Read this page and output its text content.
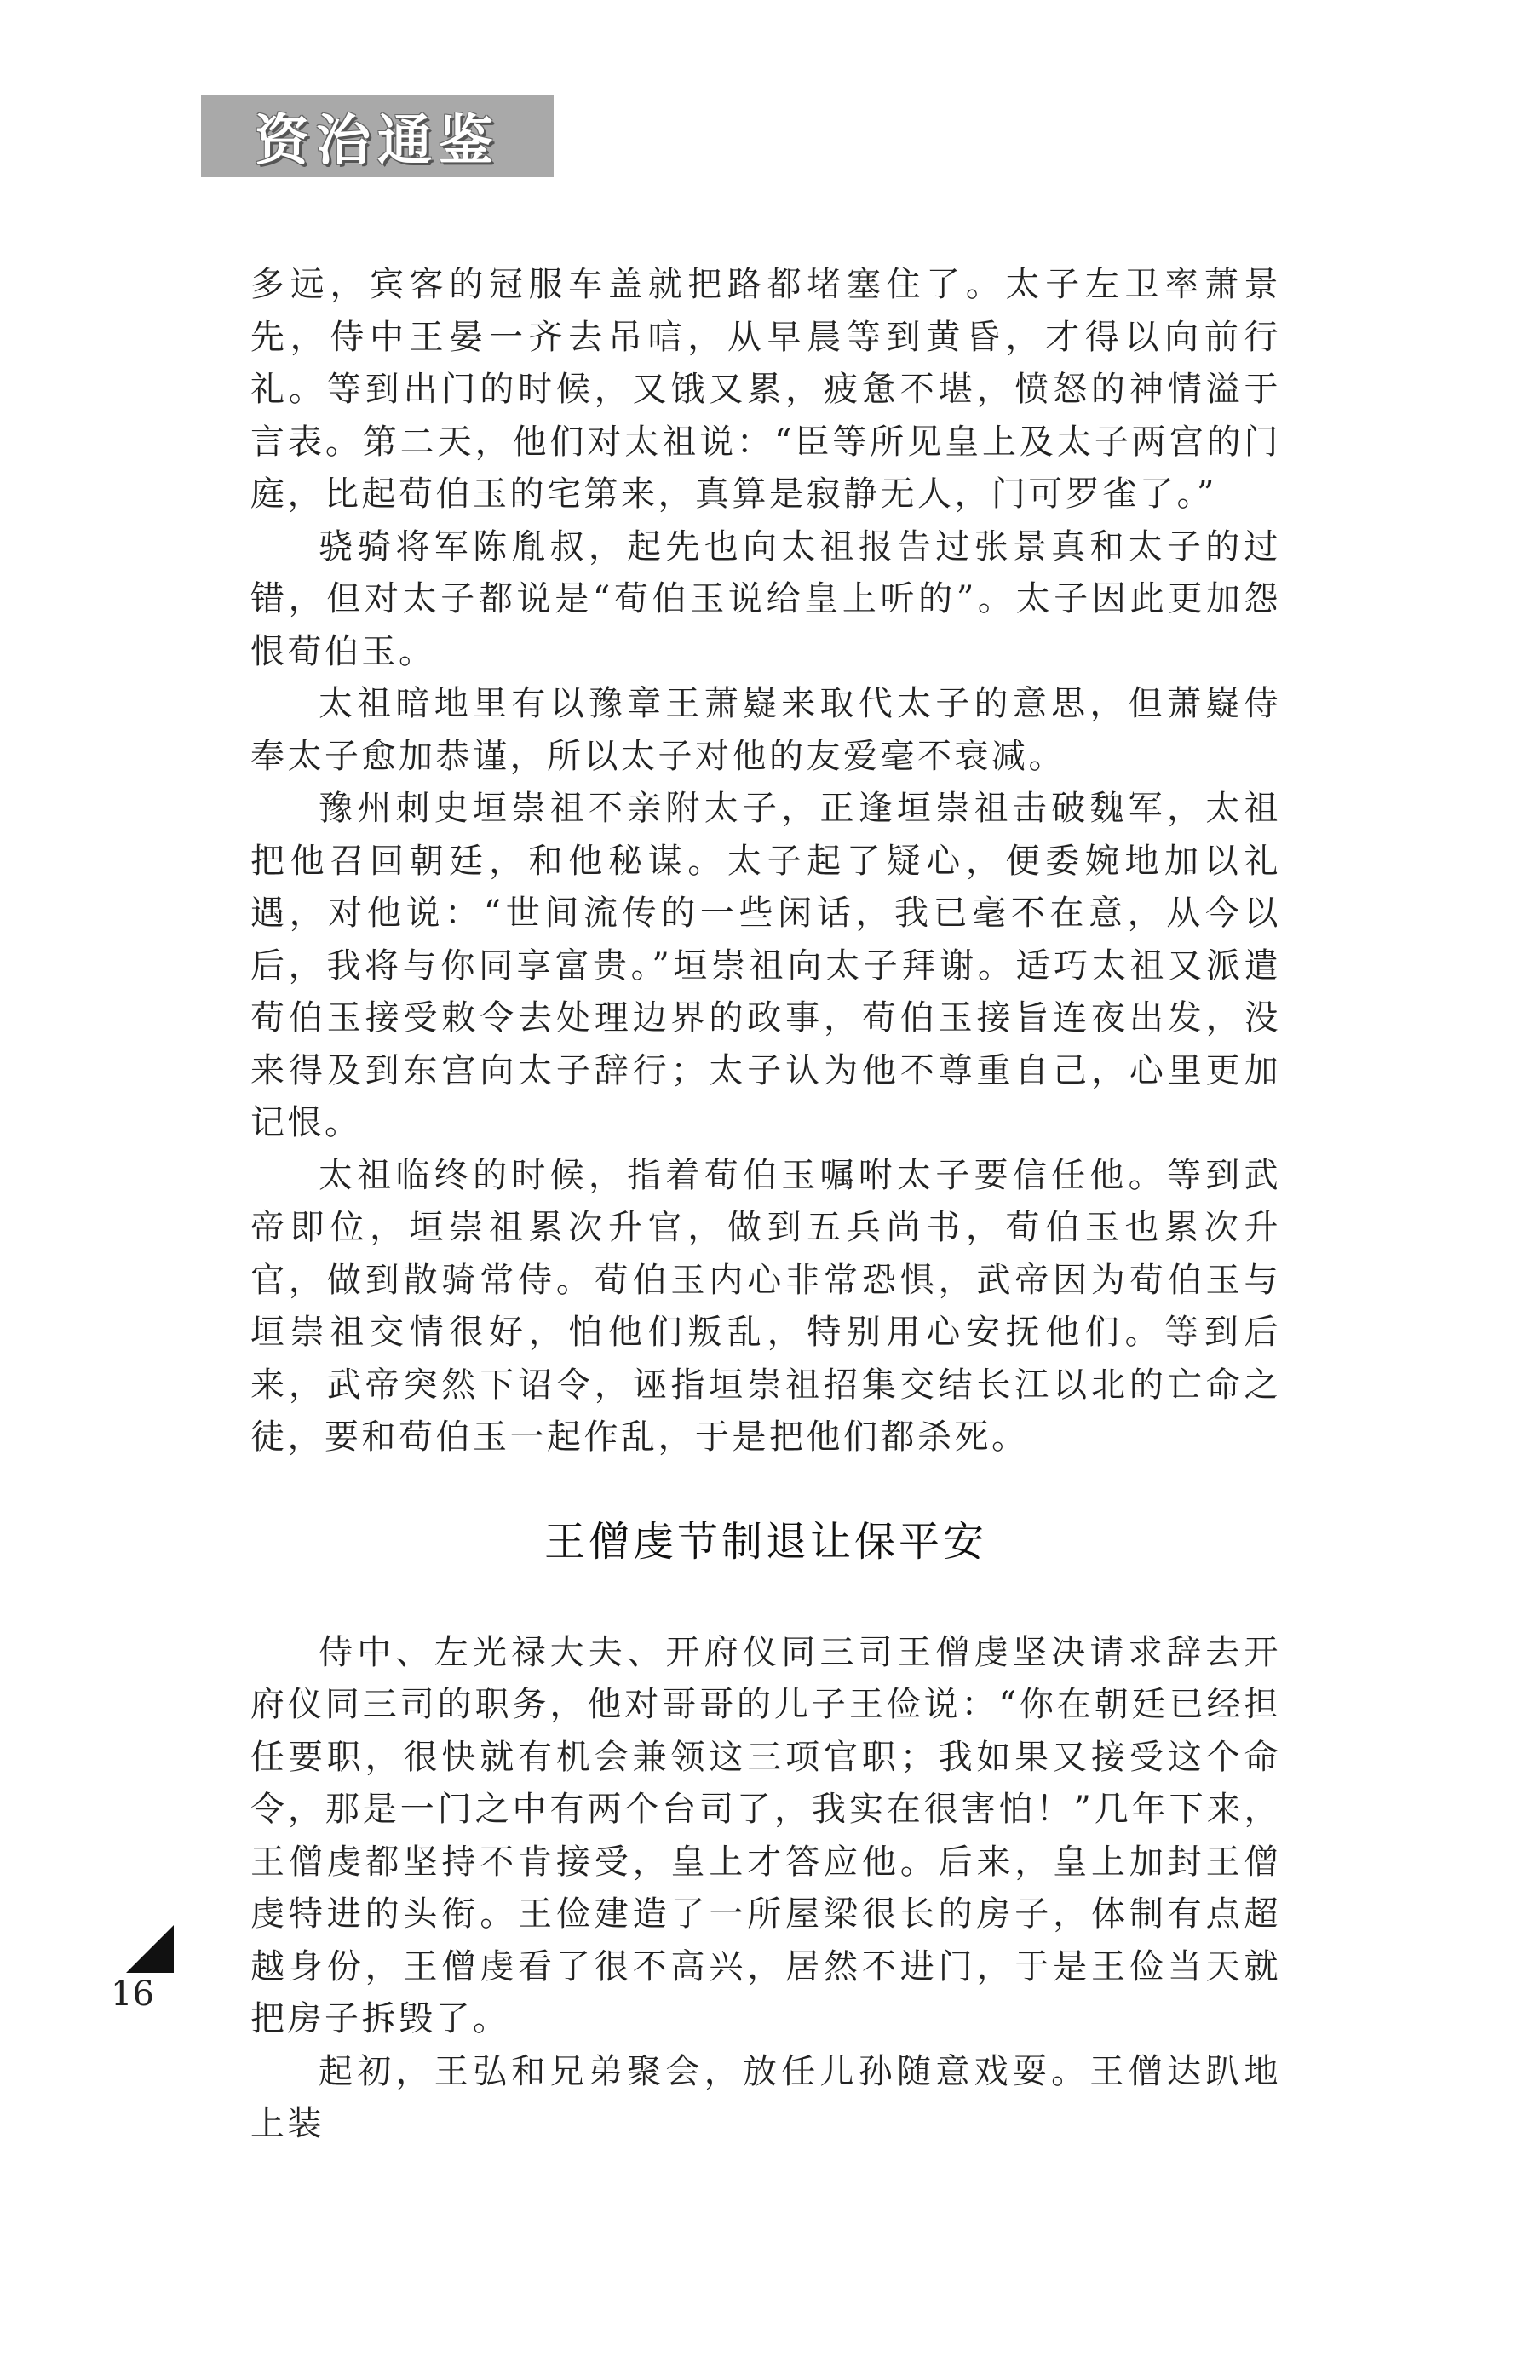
资治通鉴

多远，宾客的冠服车盖就把路都堵塞住了。太子左卫率萧景先，侍中王晏一齐去吊唁，从早晨等到黄昏，才得以向前行礼。等到出门的时候，又饿又累，疲惫不堪，愤怒的神情溢于言表。第二天，他们对太祖说：“臣等所见皇上及太子两宫的门庭，比起荀伯玉的宅第来，真算是寂静无人，门可罗雀了。”

骁骑将军陈胤叔，起先也向太祖报告过张景真和太子的过错，但对太子都说是“荀伯玉说给皇上听的”。太子因此更加怨恨荀伯玉。

太祖暗地里有以豫章王萧嶷来取代太子的意思，但萧嶷侍奉太子愈加恭谨，所以太子对他的友爱毫不衰减。

豫州刺史垣崇祖不亲附太子，正逢垣崇祖击破魏军，太祖把他召回朝廷，和他秘谋。太子起了疑心，便委婉地加以礼遇，对他说：“世间流传的一些闲话，我已毫不在意，从今以后，我将与你同享富贵。”垣崇祖向太子拜谢。适巧太祖又派遣荀伯玉接受敕令去处理边界的政事，荀伯玉接旨连夜出发，没来得及到东宫向太子辞行；太子认为他不尊重自己，心里更加记恨。

太祖临终的时候，指着荀伯玉嘱咐太子要信任他。等到武帝即位，垣崇祖累次升官，做到五兵尚书，荀伯玉也累次升官，做到散骑常侍。荀伯玉内心非常恐惧，武帝因为荀伯玉与垣崇祖交情很好，怕他们叛乱，特别用心安抚他们。等到后来，武帝突然下诏令，诬指垣崇祖招集交结长江以北的亡命之徒，要和荀伯玉一起作乱，于是把他们都杀死。

王僧虔节制退让保平安

侍中、左光禄大夫、开府仪同三司王僧虔坚决请求辞去开府仪同三司的职务，他对哥哥的儿子王俭说：“你在朝廷已经担任要职，很快就有机会兼领这三项官职；我如果又接受这个命令，那是一门之中有两个台司了，我实在很害怕！”几年下来，王僧虔都坚持不肯接受，皇上才答应他。后来，皇上加封王僧虔特进的头衔。王俭建造了一所屋梁很长的房子，体制有点超越身份，王僧虔看了很不高兴，居然不进门，于是王俭当天就把房子拆毁了。

起初，王弘和兄弟聚会，放任儿孙随意戏耍。王僧达趴地上装

16
